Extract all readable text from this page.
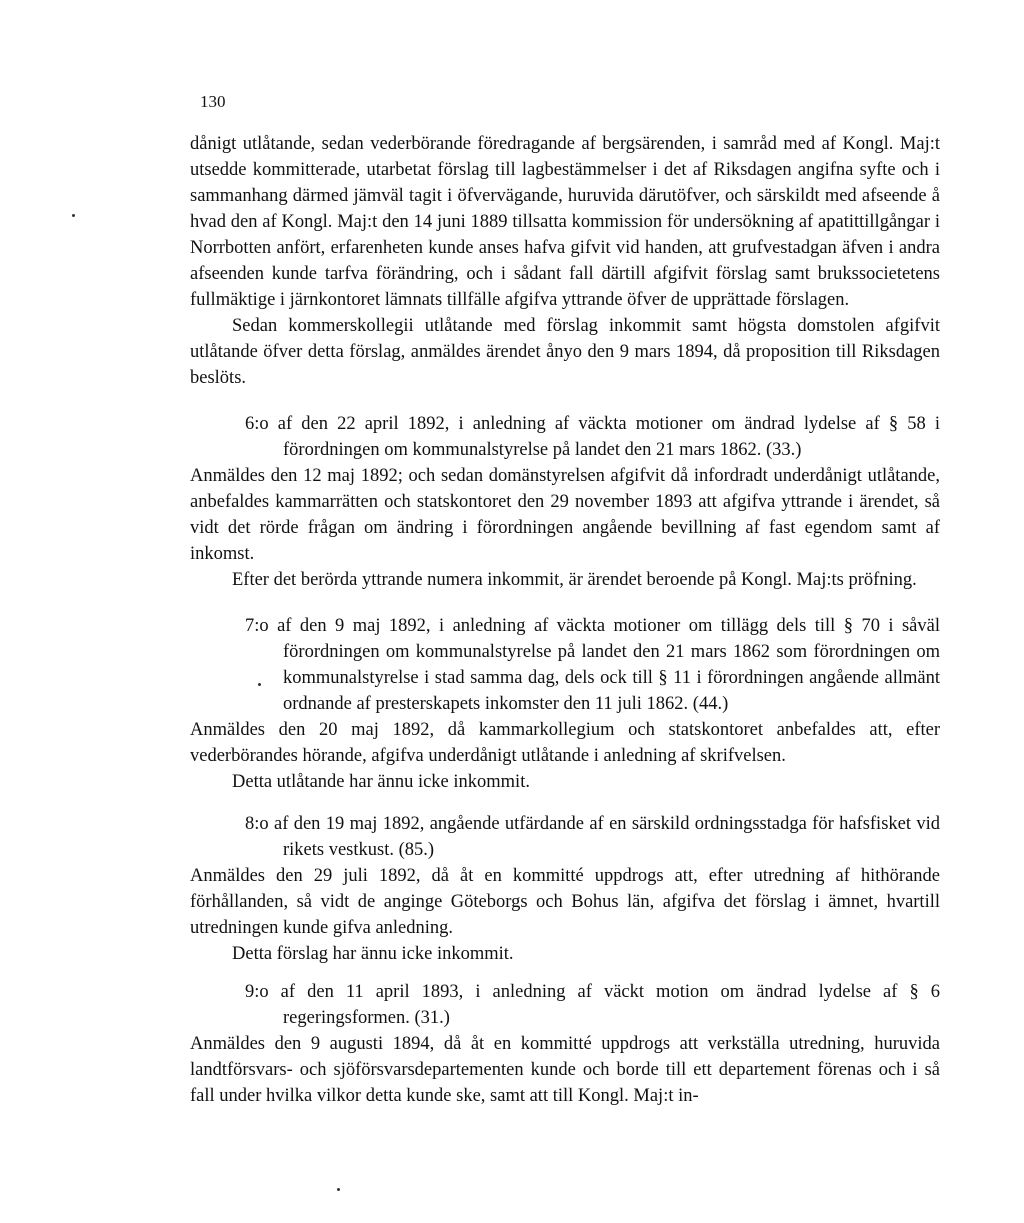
130

dånigt utlåtande, sedan vederbörande föredragande af bergsärenden, i samråd med af Kongl. Maj:t utsedde kommitterade, utarbetat förslag till lagbestämmelser i det af Riksdagen angifna syfte och i sammanhang därmed jämväl tagit i öfvervägande, huruvida därutöfver, och särskildt med afseende å hvad den af Kongl. Maj:t den 14 juni 1889 tillsatta kommission för undersökning af apatittillgångar i Norrbotten anfört, erfarenheten kunde anses hafva gifvit vid handen, att grufvestadgan äfven i andra afseenden kunde tarfva förändring, och i sådant fall därtill afgifvit förslag samt brukssocietetens fullmäktige i järnkontoret lämnats tillfälle afgifva yttrande öfver de upprättade förslagen.

Sedan kommerskollegii utlåtande med förslag inkommit samt högsta domstolen afgifvit utlåtande öfver detta förslag, anmäldes ärendet ånyo den 9 mars 1894, då proposition till Riksdagen beslöts.

6:o af den 22 april 1892, i anledning af väckta motioner om ändrad lydelse af § 58 i förordningen om kommunalstyrelse på landet den 21 mars 1862. (33.)

Anmäldes den 12 maj 1892; och sedan domänstyrelsen afgifvit då infordradt underdånigt utlåtande, anbefaldes kammarrätten och statskontoret den 29 november 1893 att afgifva yttrande i ärendet, så vidt det rörde frågan om ändring i förordningen angående bevillning af fast egendom samt af inkomst.

Efter det berörda yttrande numera inkommit, är ärendet beroende på Kongl. Maj:ts pröfning.

7:o af den 9 maj 1892, i anledning af väckta motioner om tillägg dels till § 70 i såväl förordningen om kommunalstyrelse på landet den 21 mars 1862 som förordningen om kommunalstyrelse i stad samma dag, dels ock till § 11 i förordningen angående allmänt ordnande af presterskapets inkomster den 11 juli 1862. (44.)

Anmäldes den 20 maj 1892, då kammarkollegium och statskontoret anbefaldes att, efter vederbörandes hörande, afgifva underdånigt utlåtande i anledning af skrifvelsen.

Detta utlåtande har ännu icke inkommit.

8:o af den 19 maj 1892, angående utfärdande af en särskild ordningsstadga för hafsfisket vid rikets vestkust. (85.)

Anmäldes den 29 juli 1892, då åt en kommitté uppdrogs att, efter utredning af hithörande förhållanden, så vidt de anginge Göteborgs och Bohus län, afgifva det förslag i ämnet, hvartill utredningen kunde gifva anledning.

Detta förslag har ännu icke inkommit.

9:o af den 11 april 1893, i anledning af väckt motion om ändrad lydelse af § 6 regeringsformen. (31.)

Anmäldes den 9 augusti 1894, då åt en kommitté uppdrogs att verkställa utredning, huruvida landtförsvars- och sjöförsvarsdepartementen kunde och borde till ett departement förenas och i så fall under hvilka vilkor detta kunde ske, samt att till Kongl. Maj:t in-
